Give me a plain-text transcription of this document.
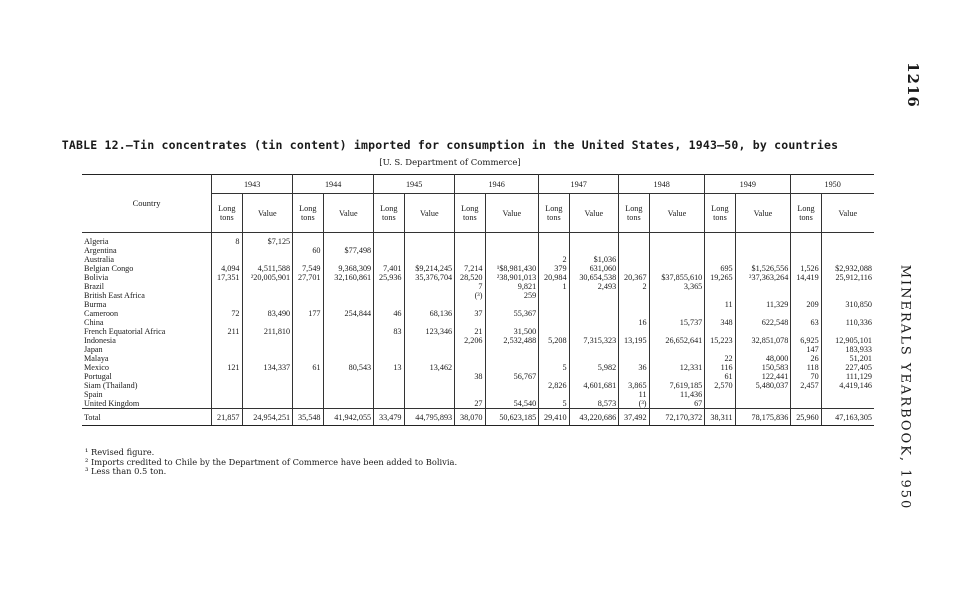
1216
MINERALS YEARBOOK, 1950
TABLE 12.—Tin concentrates (tin content) imported for consumption in the United States, 1943–50, by countries
[U. S. Department of Commerce]
Country	1943		1944		1945		1946		1947		1948		1949		1950	
	Long tons	Value	Long tons	Value	Long tons	Value	Long tons	Value	Long tons	Value	Long tons	Value	Long tons	Value	Long tons	Value
Algeria	8	$7,125														
Argentina			60	$77,498												
Australia									2	$1,036						
Belgian Congo	4,094	4,511,588	7,549	9,368,309	7,401	$9,214,245	7,214	¹$8,981,430	379	631,060			695	$1,526,556	1,526	$2,932,088
Bolivia	17,351	²20,005,901	27,701	32,160,861	25,936	35,376,704	28,520	²38,901,013	20,984	30,654,538	20,367	$37,855,610	19,265	²37,363,264	14,419	25,912,116
Brazil							7	9,821	1	2,493	2	3,365				
British East Africa							(³)	259								
Burma													11	11,329	209	310,850
Cameroon	72	83,490	177	254,844	46	68,136	37	55,367								
China											16	15,737	348	622,548	63	110,336
French Equatorial Africa	211	211,810			83	123,346	21	31,500								
Indonesia							2,206	2,532,488	5,208	7,315,323	13,195	26,652,641	15,223	32,851,078	6,925	12,905,101
Japan															147	183,933
Malaya													22	48,000	26	51,201
Mexico	121	134,337	61	80,543	13	13,462			5	5,982	36	12,331	116	150,583	118	227,405
Portugal							38	56,767					61	122,441	70	111,129
Siam (Thailand)									2,826	4,601,681	3,865	7,619,185	2,570	5,480,037	2,457	4,419,146
Spain											11	11,436				
United Kingdom							27	54,540	5	8,573	(³)	67				
Total	21,857	24,954,251	35,548	41,942,055	33,479	44,795,893	38,070	50,623,185	29,410	43,220,686	37,492	72,170,372	38,311	78,175,836	25,960	47,163,305
¹ Revised figure.
² Imports credited to Chile by the Department of Commerce have been added to Bolivia.
³ Less than 0.5 ton.
